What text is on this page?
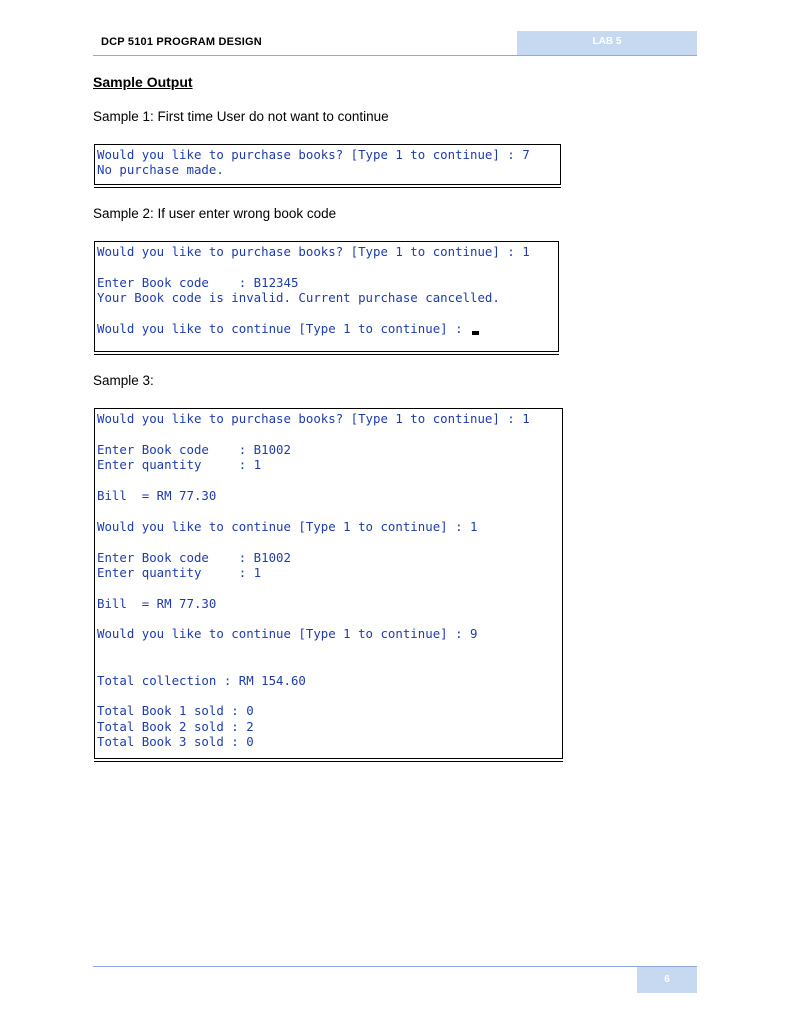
DCP 5101 PROGRAM DESIGN	LAB 5
Sample Output
Sample 1: First time User do not want to continue
Would you like to purchase books? [Type 1 to continue] : 7
No purchase made.
Sample 2: If user enter wrong book code
Would you like to purchase books? [Type 1 to continue] : 1
Enter Book code    : B12345
Your Book code is invalid. Current purchase cancelled.
Would you like to continue [Type 1 to continue] :
Sample 3:
Would you like to purchase books? [Type 1 to continue] : 1
Enter Book code    : B1002
Enter quantity     : 1
Bill  = RM 77.30
Would you like to continue [Type 1 to continue] : 1
Enter Book code    : B1002
Enter quantity     : 1
Bill  = RM 77.30
Would you like to continue [Type 1 to continue] : 9
Total collection : RM 154.60
Total Book 1 sold : 0
Total Book 2 sold : 2
Total Book 3 sold : 0
6
